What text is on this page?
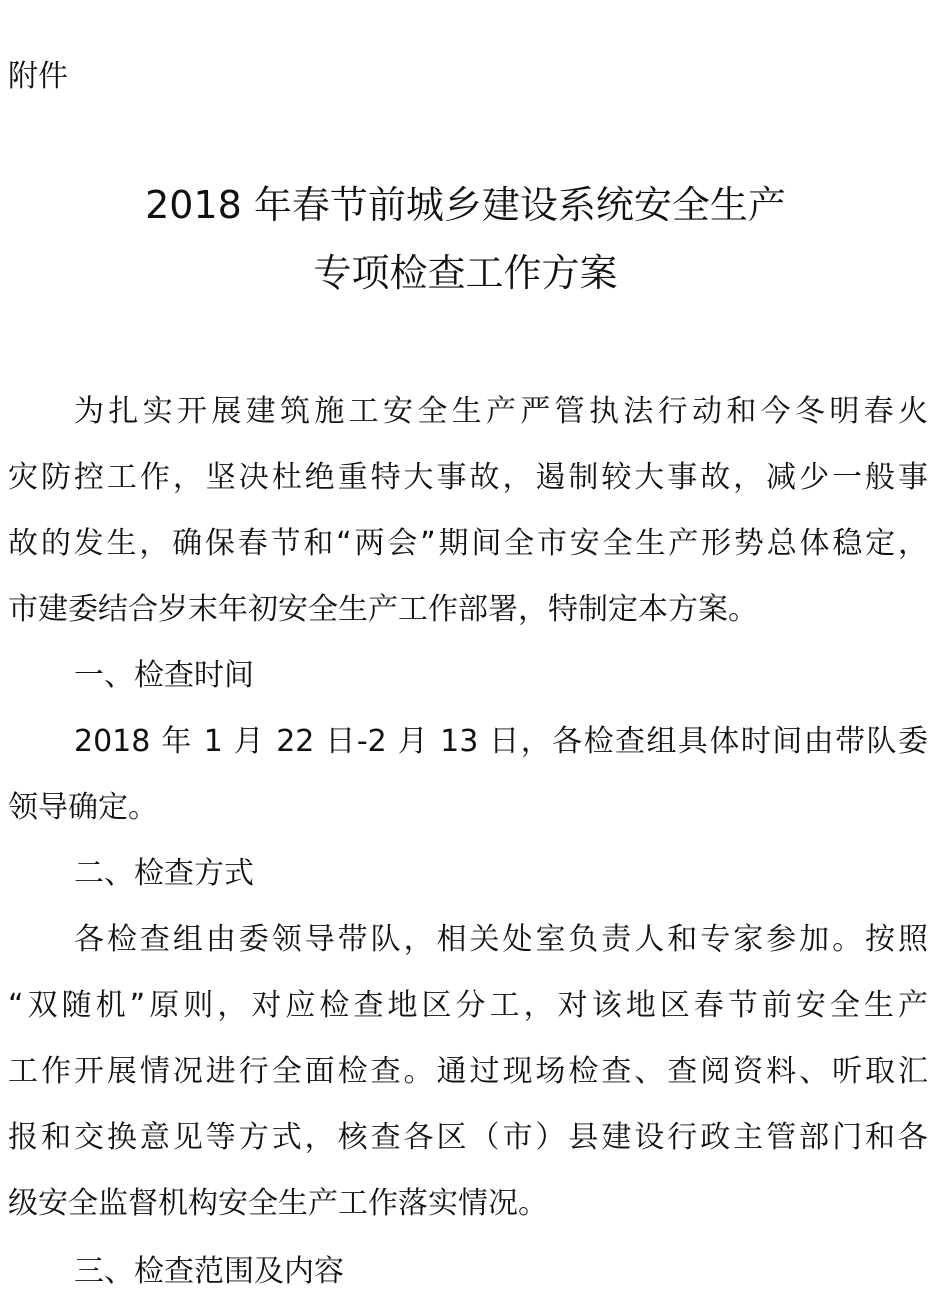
附件
2018 年春节前城乡建设系统安全生产
专项检查工作方案
为扎实开展建筑施工安全生产严管执法行动和今冬明春火
灾防控工作，坚决杜绝重特大事故，遏制较大事故，减少一般事
故的发生，确保春节和“两会”期间全市安全生产形势总体稳定，
市建委结合岁末年初安全生产工作部署，特制定本方案。
一、检查时间
2018 年 1 月 22 日-2 月 13 日，各检查组具体时间由带队委
领导确定。
二、检查方式
各检查组由委领导带队，相关处室负责人和专家参加。按照
“双随机”原则，对应检查地区分工，对该地区春节前安全生产
工作开展情况进行全面检查。通过现场检查、查阅资料、听取汇
报和交换意见等方式，核查各区（市）县建设行政主管部门和各
级安全监督机构安全生产工作落实情况。
三、检查范围及内容
